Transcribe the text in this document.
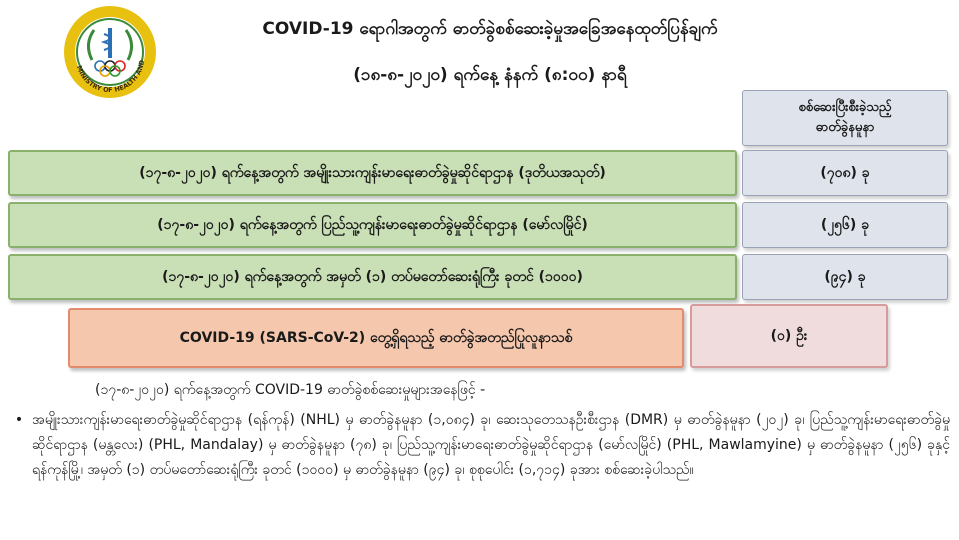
MINISTRY OF HEALTH AND
COVID-19 ရောဂါအတွက် ဓာတ်ခွဲစစ်ဆေးခဲ့မှုအခြေအနေထုတ်ပြန်ချက်
(၁၈-၈-၂၀၂၀) ရက်နေ့ နံနက် (၈:၀၀) နာရီ
စစ်ဆေးပြီးစီးခဲ့သည့်
ဓာတ်ခွဲနမူနာ
(၁၇-၈-၂၀၂၀) ရက်နေ့အတွက် အမျိုးသားကျန်းမာရေးဓာတ်ခွဲမှုဆိုင်ရာဌာန (ဒုတိယအသုတ်)	(၇၀၈) ခု
(၁၇-၈-၂၀၂၀) ရက်နေ့အတွက် ပြည်သူ့ကျန်းမာရေးဓာတ်ခွဲမှုဆိုင်ရာဌာန (မော်လမြိုင်)	(၂၅၆) ခု
(၁၇-၈-၂၀၂၀) ရက်နေ့အတွက် အမှတ် (၁) တပ်မတော်ဆေးရုံကြီး ခုတင် (၁၀၀၀)	(၉၄) ခု
COVID-19 (SARS-CoV-2) တွေ့ရှိရသည့် ဓာတ်ခွဲအတည်ပြုလူနာသစ်	(၀) ဦး
(၁၇-၈-၂၀၂၀) ရက်နေ့အတွက် COVID-19 ဓာတ်ခွဲစစ်ဆေးမှုများအနေဖြင့် -
• အမျိုးသားကျန်းမာရေးဓာတ်ခွဲမှုဆိုင်ရာဌာန (ရန်ကုန်) (NHL) မှ ဓာတ်ခွဲနမူနာ (၁,၀၈၄) ခု၊ ဆေးသုတေသနဦးစီးဌာန (DMR) မှ ဓာတ်ခွဲနမူနာ (၂၀၂) ခု၊ ပြည်သူ့ကျန်းမာရေးဓာတ်ခွဲမှုဆိုင်ရာဌာန (မန္တလေး) (PHL, Mandalay) မှ ဓာတ်ခွဲနမူနာ (၇၈) ခု၊ ပြည်သူ့ကျန်းမာရေးဓာတ်ခွဲမှုဆိုင်ရာဌာန (မော်လမြိုင်) (PHL, Mawlamyine) မှ ဓာတ်ခွဲနမူနာ (၂၅၆) ခုနှင့် ရန်ကုန်မြို့၊ အမှတ် (၁) တပ်မတော်ဆေးရုံကြီး ခုတင် (၁၀၀၀) မှ ဓာတ်ခွဲနမူနာ (၉၄) ခု၊ စုစုပေါင်း (၁,၇၁၄) ခုအား စစ်ဆေးခဲ့ပါသည်။
